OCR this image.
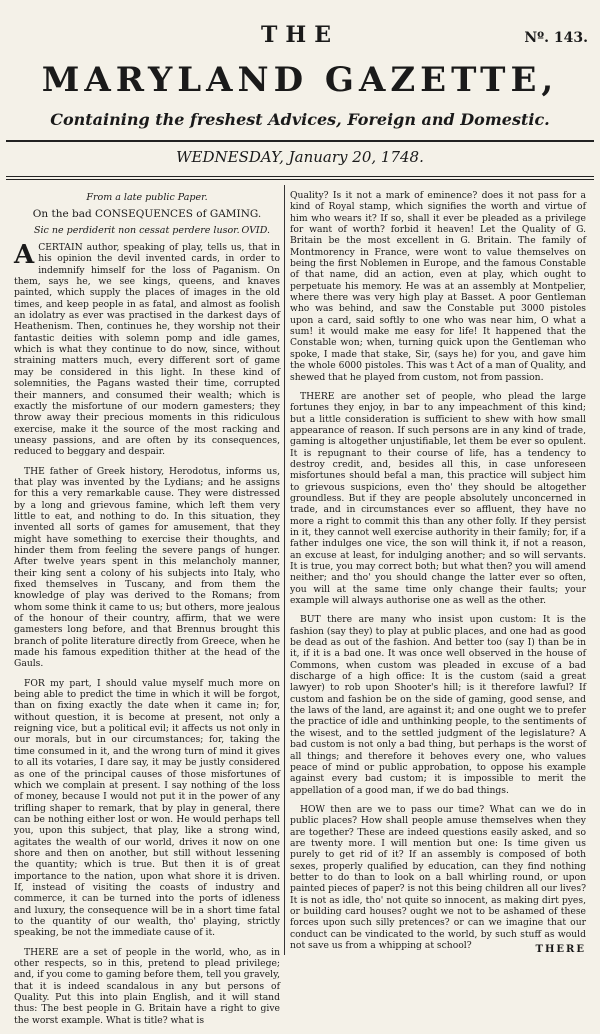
THE	Nº. 143.
MARYLAND GAZETTE,
Containing the freshest Advices, Foreign and Domestic.
WEDNESDAY, January 20, 1748.
From a late public Paper.
On the bad CONSEQUENCES of GAMING.
Sic ne perdiderit non cessat perdere lusor. OVID.

A CERTAIN author, speaking of play, tells us, that in his opinion the devil invented cards, in order to indemnify himself for the loss of Paganism. On them, says he, we see kings, queens, and knaves painted, which supply the places of images in the old times, and keep people in as fatal, and almost as foolish an idolatry as ever was practised in the darkest days of Heathenism. Then, continues he, they worship not their fantastic deities with solemn pomp and idle games, which is what they continue to do now, since, without straining matters much, every different sort of game may be considered in this light. In these kind of solemnities, the Pagans wasted their time, corrupted their manners, and consumed their wealth; which is exactly the misfortune of our modern gamesters; they throw away their precious moments in this ridiculous exercise, make it the source of the most racking and uneasy passions, and are often by its consequences, reduced to beggary and despair.

THE father of Greek history, Herodotus, informs us, that play was invented by the Lydians; and he assigns for this a very remarkable cause. They were distressed by a long and grievous famine, which left them very little to eat, and nothing to do. In this situation, they invented all sorts of games for amusement, that they might have something to exercise their thoughts, and hinder them from feeling the severe pangs of hunger. After twelve years spent in this melancholy manner, their king sent a colony of his subjects into Italy, who fixed themselves in Tuscany, and from them the knowledge of play was derived to the Romans; from whom some think it came to us; but others, more jealous of the honour of their country, affirm, that we were gamesters long before, and that Brennus brought this branch of polite literature directly from Greece, when he made his famous expedition thither at the head of the Gauls.

FOR my part, I should value myself much more on being able to predict the time in which it will be forgot, than on fixing exactly the date when it came in; for, without question, it is become at present, not only a reigning vice, but a political evil; it affects us not only in our morals, but in our circumstances; for, taking the time consumed in it, and the wrong turn of mind it gives to all its votaries, I dare say, it may be justly considered as one of the principal causes of those misfortunes of which we complain at present. I say nothing of the loss of money, because I would not put it in the power of any trifling shaper to remark, that by play in general, there can be nothing either lost or won. He would perhaps tell you, upon this subject, that play, like a strong wind, agitates the wealth of our world, drives it now on one shore and then on another, but still without lessening the quantity; which is true. But then it is of great importance to the nation, upon what shore it is driven. If, instead of visiting the coasts of industry and commerce, it can be turned into the ports of idleness and luxury, the consequence will be in a short time fatal to the quantity of our wealth, tho' playing, strictly speaking, be not the immediate cause of it.

THERE are a set of people in the world, who, as in other respects, so in this, pretend to plead privilege; and, if you come to gaming before them, tell you gravely, that it is indeed scandalous in any but persons of Quality. Put this into plain English, and it will stand thus: The best people in G. Britain have a right to give the worst example. What is title? what is

Quality? Is it not a mark of eminence? does it not pass for a kind of Royal stamp, which signifies the worth and virtue of him who wears it? If so, shall it ever be pleaded as a privilege for want of worth? forbid it heaven! Let the Quality of G. Britain be the most excellent in G. Britain. The family of Montmorency in France, were wont to value themselves on being the first Noblemen in Europe, and the famous Constable of that name, did an action, even at play, which ought to perpetuate his memory. He was at an assembly at Montpelier, where there was very high play at Basset. A poor Gentleman who was behind, and saw the Constable put 3000 pistoles upon a card, said softly to one who was near him, O what a sum! it would make me easy for life! It happened that the Constable won; when, turning quick upon the Gentleman who spoke, I made that stake, Sir, (says he) for you, and gave him the whole 6000 pistoles. This was t Act of a man of Quality, and shewed that he played from custom, not from passion.

THERE are another set of people, who plead the large fortunes they enjoy, in bar to any impeachment of this kind; but a little consideration is sufficient to shew with how small appearance of reason. If such persons are in any kind of trade, gaming is altogether unjustifiable, let them be ever so opulent. It is repugnant to their course of life, has a tendency to destroy credit, and, besides all this, in case unforeseen misfortunes should befal a man, this practice will subject him to grievous suspicions, even tho' they should be altogether groundless. But if they are people absolutely unconcerned in trade, and in circumstances ever so affluent, they have no more a right to commit this than any other folly. If they persist in it, they cannot well exercise authority in their family; for, if a father indulges one vice, the son will think it, if not a reason, an excuse at least, for indulging another; and so will servants. It is true, you may correct both; but what then? you will amend neither; and tho' you should change the latter ever so often, you will at the same time only change their faults; your example will always authorise one as well as the other.

BUT there are many who insist upon custom: It is the fashion (say they) to play at public places, and one had as good be dead as out of the fashion. And better too (say I) than be in it, if it is a bad one. It was once well observed in the house of Commons, when custom was pleaded in excuse of a bad discharge of a high office: It is the custom (said a great lawyer) to rob upon Shooter's hill; is it therefore lawful? If custom and fashion be on the side of gaming, good sense, and the laws of the land, are against it; and one ought we to prefer the practice of idle and unthinking people, to the sentiments of the wisest, and to the settled judgment of the legislature? A bad custom is not only a bad thing, but perhaps is the worst of all things; and therefore it behoves every one, who values peace of mind or public approbation, to oppose his example against every bad custom; it is impossible to merit the appellation of a good man, if we do bad things.

HOW then are we to pass our time? What can we do in public places? How shall people amuse themselves when they are together? These are indeed questions easily asked, and so are twenty more. I will mention but one: Is time given us purely to get rid of it? If an assembly is composed of both sexes, properly qualified by education, can they find nothing better to do than to look on a ball whirling round, or upon painted pieces of paper? is not this being children all our lives? It is not as idle, tho' not quite so innocent, as making dirt pyes, or building card houses? ought we not to be ashamed of these forces upon such silly pretences? or can we imagine that our conduct can be vindicated to the world, by such stuff as would not save us from a whipping at school?	THERE
